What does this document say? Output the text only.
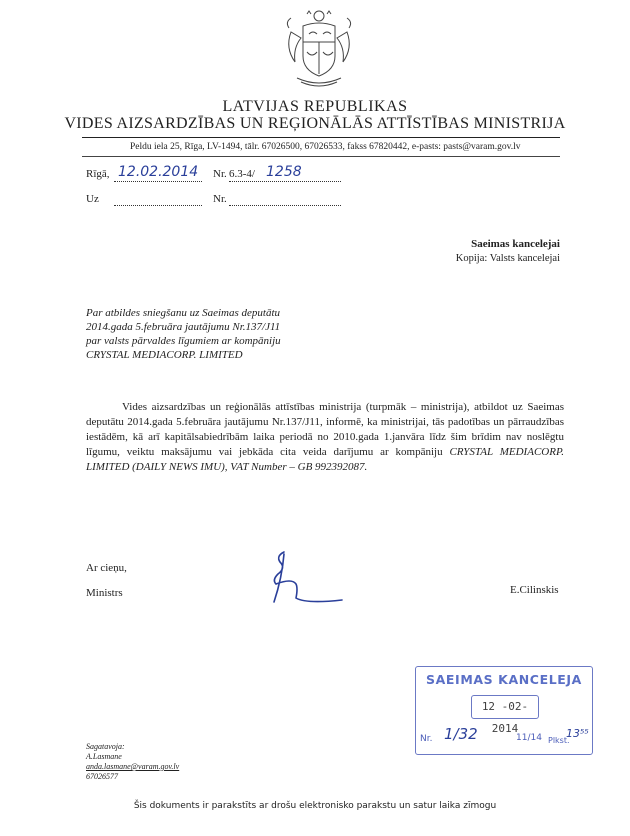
LATVIJAS REPUBLIKAS
VIDES AIZSARDZĪBAS UN REĢIONĀLĀS ATTĪSTĪBAS MINISTRIJA
Peldu iela 25, Rīga, LV-1494, tālr. 67026500, 67026533, fakss 67820442, e-pasts: pasts@varam.gov.lv
Rīgā, 12.02.2014 Nr. 6.3-4/ 1258
Uz	Nr.
Saeimas kancelejai
Kopija: Valsts kancelejai
Par atbildes sniegšanu uz Saeimas deputātu
2014.gada 5.februāra jautājumu Nr.137/J11
par valsts pārvaldes līgumiem ar kompāniju
CRYSTAL MEDIACORP. LIMITED
Vides aizsardzības un reģionālās attīstības ministrija (turpmāk – ministrija), atbildot uz Saeimas deputātu 2014.gada 5.februāra jautājumu Nr.137/J11, informē, ka ministrijai, tās padotības un pārraudzības iestādēm, kā arī kapitālsabiedrībām laika periodā no 2010.gada 1.janvāra līdz šim brīdim nav noslēgtu līgumu, veiktu maksājumu vai jebkāda cita veida darījumu ar kompāniju CRYSTAL MEDIACORP. LIMITED (DAILY NEWS IMU), VAT Number – GB 992392087.
Ar cieņu,
Ministrs	E.Cilinskis
SAEIMAS KANCELEJA
12 -02- 2014
Nr. 1/32	11/14 Plkst.
13⁵⁵
Sagatavoja:
A.Lasmane
anda.lasmane@varam.gov.lv
67026577
Šis dokuments ir parakstīts ar drošu elektronisko parakstu un satur laika zīmogu
